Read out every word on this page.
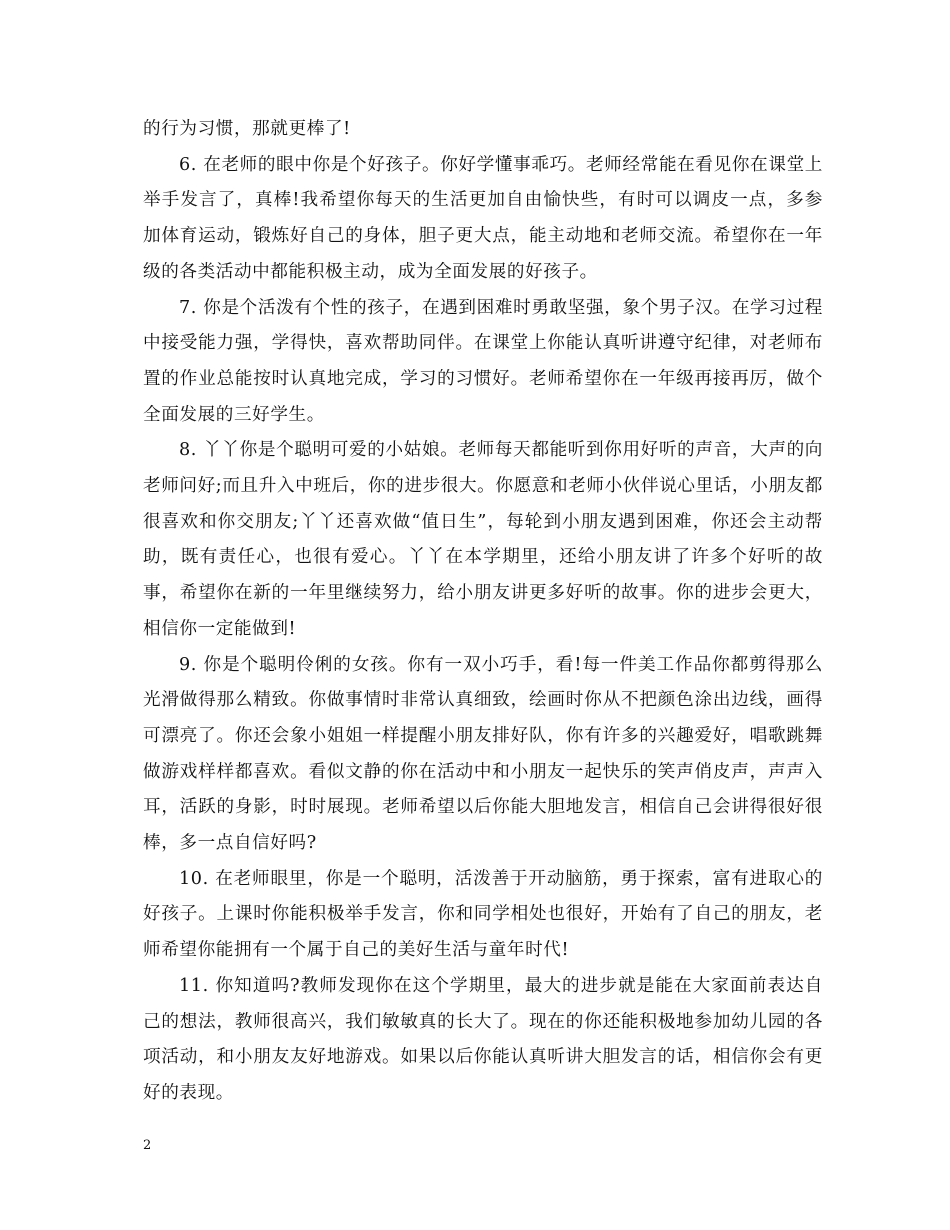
的行为习惯，那就更棒了!

6. 在老师的眼中你是个好孩子。你好学懂事乖巧。老师经常能在看见你在课堂上举手发言了，真棒!我希望你每天的生活更加自由愉快些，有时可以调皮一点，多参加体育运动，锻炼好自己的身体，胆子更大点，能主动地和老师交流。希望你在一年级的各类活动中都能积极主动，成为全面发展的好孩子。

7. 你是个活泼有个性的孩子，在遇到困难时勇敢坚强，象个男子汉。在学习过程中接受能力强，学得快，喜欢帮助同伴。在课堂上你能认真听讲遵守纪律，对老师布置的作业总能按时认真地完成，学习的习惯好。老师希望你在一年级再接再厉，做个全面发展的三好学生。

8. 丫丫你是个聪明可爱的小姑娘。老师每天都能听到你用好听的声音，大声的向老师问好;而且升入中班后，你的进步很大。你愿意和老师小伙伴说心里话，小朋友都很喜欢和你交朋友;丫丫还喜欢做“值日生”，每轮到小朋友遇到困难，你还会主动帮助，既有责任心，也很有爱心。丫丫在本学期里，还给小朋友讲了许多个好听的故事，希望你在新的一年里继续努力，给小朋友讲更多好听的故事。你的进步会更大，相信你一定能做到!

9. 你是个聪明伶俐的女孩。你有一双小巧手，看!每一件美工作品你都剪得那么光滑做得那么精致。你做事情时非常认真细致，绘画时你从不把颜色涂出边线，画得可漂亮了。你还会象小姐姐一样提醒小朋友排好队，你有许多的兴趣爱好，唱歌跳舞做游戏样样都喜欢。看似文静的你在活动中和小朋友一起快乐的笑声俏皮声，声声入耳，活跃的身影，时时展现。老师希望以后你能大胆地发言，相信自己会讲得很好很棒，多一点自信好吗?

10. 在老师眼里，你是一个聪明，活泼善于开动脑筋，勇于探索，富有进取心的好孩子。上课时你能积极举手发言，你和同学相处也很好，开始有了自己的朋友，老师希望你能拥有一个属于自己的美好生活与童年时代!

11. 你知道吗?教师发现你在这个学期里，最大的进步就是能在大家面前表达自己的想法，教师很高兴，我们敏敏真的长大了。现在的你还能积极地参加幼儿园的各项活动，和小朋友友好地游戏。如果以后你能认真听讲大胆发言的话，相信你会有更好的表现。

2
